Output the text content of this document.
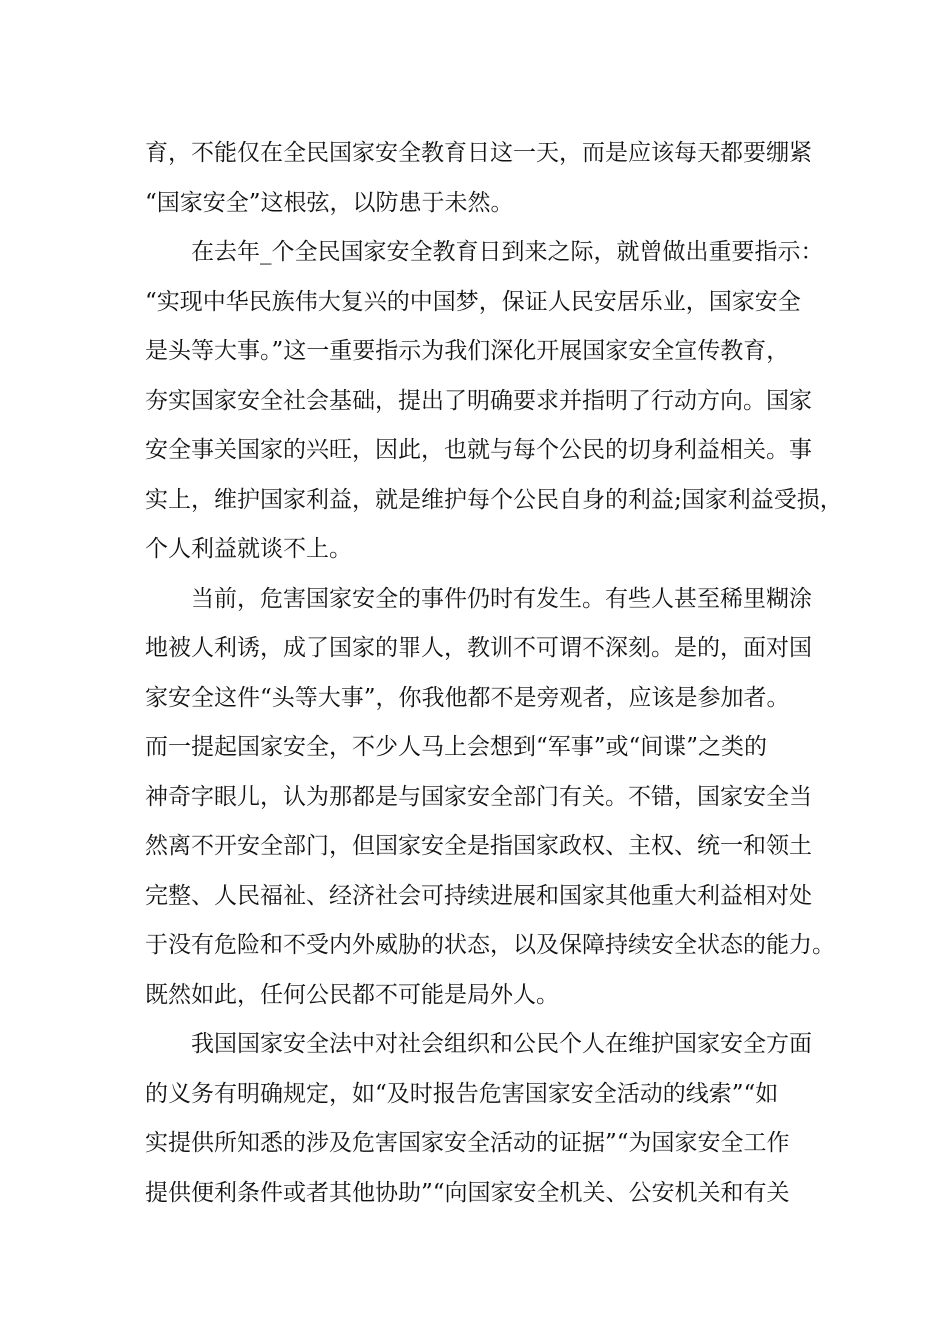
育，不能仅在全民国家安全教育日这一天，而是应该每天都要绷紧
“国家安全”这根弦，以防患于未然。
在去年_个全民国家安全教育日到来之际，就曾做出重要指示：
“实现中华民族伟大复兴的中国梦，保证人民安居乐业，国家安全
是头等大事。”这一重要指示为我们深化开展国家安全宣传教育，
夯实国家安全社会基础，提出了明确要求并指明了行动方向。国家
安全事关国家的兴旺，因此，也就与每个公民的切身利益相关。事
实上，维护国家利益，就是维护每个公民自身的利益;国家利益受损，
个人利益就谈不上。
当前，危害国家安全的事件仍时有发生。有些人甚至稀里糊涂
地被人利诱，成了国家的罪人，教训不可谓不深刻。是的，面对国
家安全这件“头等大事”，你我他都不是旁观者，应该是参加者。
而一提起国家安全，不少人马上会想到“军事”或“间谍”之类的
神奇字眼儿，认为那都是与国家安全部门有关。不错，国家安全当
然离不开安全部门，但国家安全是指国家政权、主权、统一和领土
完整、人民福祉、经济社会可持续进展和国家其他重大利益相对处
于没有危险和不受内外威胁的状态，以及保障持续安全状态的能力。
既然如此，任何公民都不可能是局外人。
我国国家安全法中对社会组织和公民个人在维护国家安全方面
的义务有明确规定，如“及时报告危害国家安全活动的线索”“如
实提供所知悉的涉及危害国家安全活动的证据”“为国家安全工作
提供便利条件或者其他协助”“向国家安全机关、公安机关和有关
